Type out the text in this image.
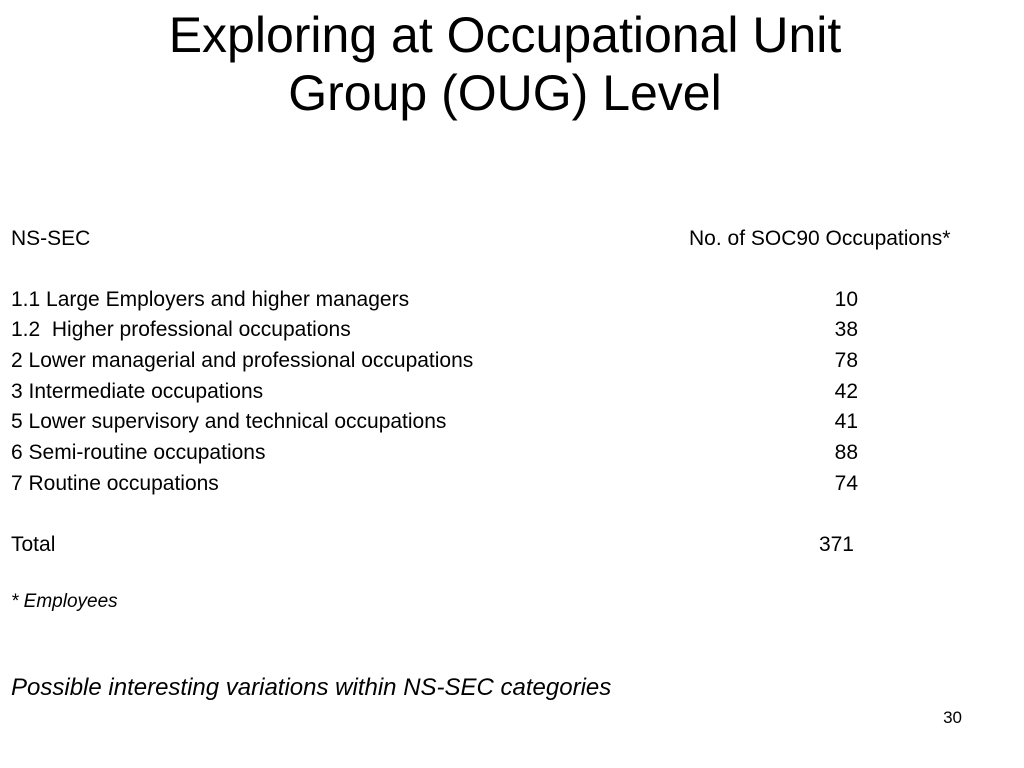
Exploring at Occupational Unit
Group (OUG) Level
NS-SEC	No. of SOC90 Occupations*
1.1 Large Employers and higher managers	10
1.2  Higher professional occupations	38
2 Lower managerial and professional occupations	78
3 Intermediate occupations	42
5 Lower supervisory and technical occupations	41
6 Semi-routine occupations	88
7 Routine occupations	74
Total	371
* Employees
Possible interesting variations within NS-SEC categories
30
